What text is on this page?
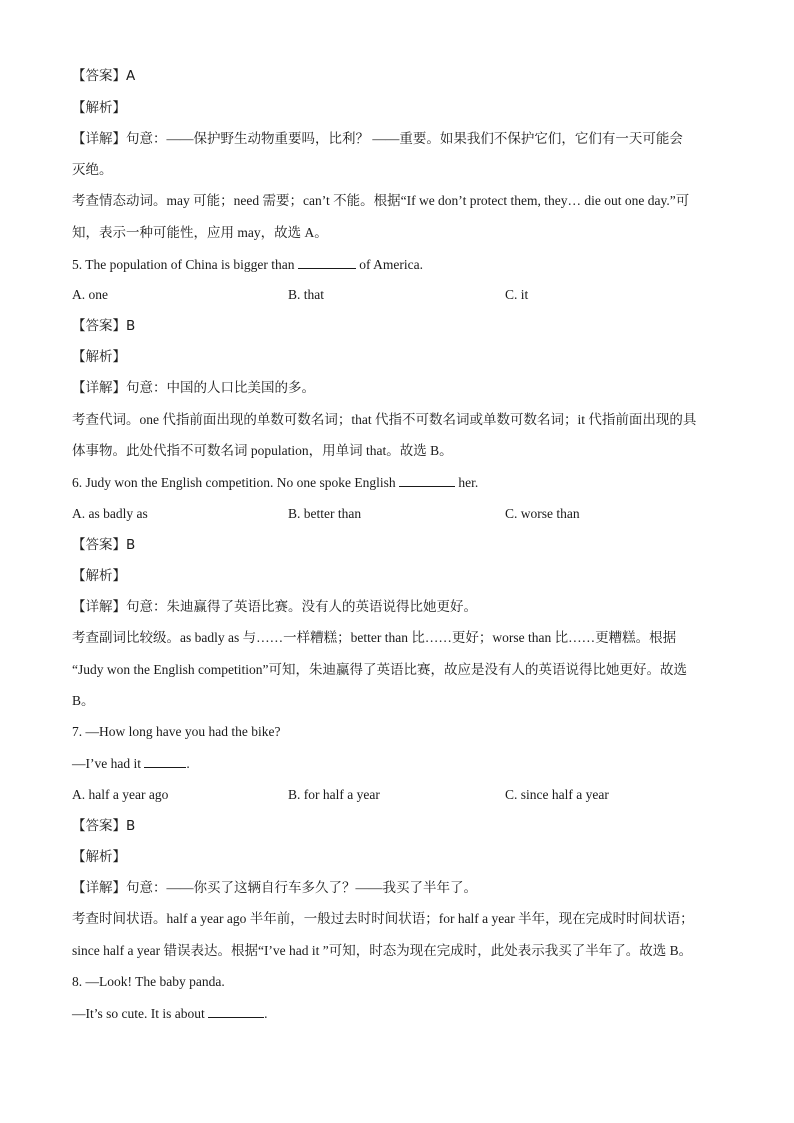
【答案】A
【解析】
【详解】句意：——保护野生动物重要吗，比利？ ——重要。如果我们不保护它们，它们有一天可能会
灭绝。
考查情态动词。may 可能；need 需要；can’t 不能。根据“If we don’t protect them, they… die out one day.”可
知，表示一种可能性，应用 may，故选 A。
5. The population of China is bigger than	of America.
A. one	B. that	C. it
【答案】B
【解析】
【详解】句意：中国的人口比美国的多。
考查代词。one 代指前面出现的单数可数名词；that 代指不可数名词或单数可数名词；it 代指前面出现的具
体事物。此处代指不可数名词 population，用单词 that。故选 B。
6. Judy won the English competition. No one spoke English	her.
A. as badly as	B. better than	C. worse than
【答案】B
【解析】
【详解】句意：朱迪赢得了英语比赛。没有人的英语说得比她更好。
考查副词比较级。as badly as 与……一样糟糕；better than 比……更好；worse than 比……更糟糕。根据
“Judy won the English competition”可知，朱迪赢得了英语比赛，故应是没有人的英语说得比她更好。故选
B。
7. —How long have you had the bike?
—I’ve had it	.
A. half a year ago	B. for half a year	C. since half a year
【答案】B
【解析】
【详解】句意：——你买了这辆自行车多久了？——我买了半年了。
考查时间状语。half a year ago 半年前，一般过去时时间状语；for half a year 半年，现在完成时时间状语；
since half a year 错误表达。根据“I’ve had it ”可知，时态为现在完成时，此处表示我买了半年了。故选 B。
8. —Look! The baby panda.
—It’s so cute. It is about	.
